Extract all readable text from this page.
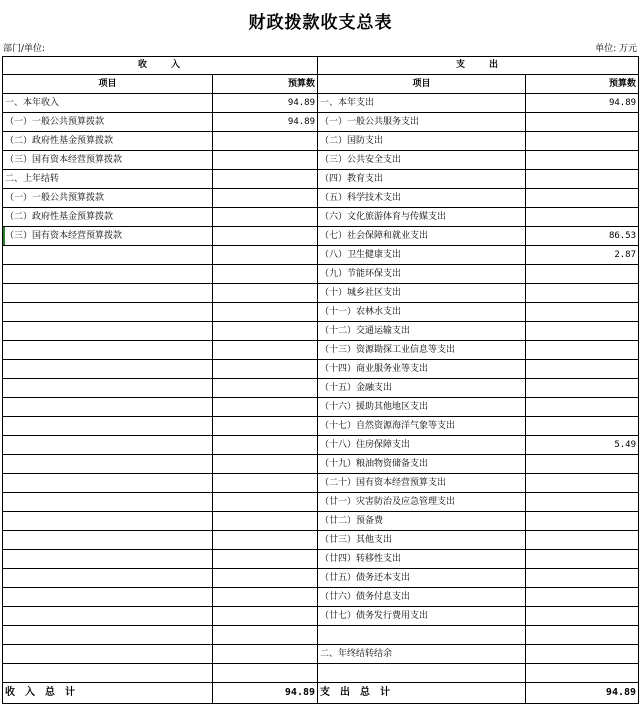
财政拨款收支总表
部门/单位:	单位: 万元
收　　入		支　　出	
项目	预算数	项目	预算数
一、本年收入	94.89	一、本年支出	94.89
（一）一般公共预算拨款	94.89	（一）一般公共服务支出	
（二）政府性基金预算拨款		（二）国防支出	
（三）国有资本经营预算拨款		（三）公共安全支出	
二、上年结转		（四）教育支出	
（一）一般公共预算拨款		（五）科学技术支出	
（二）政府性基金预算拨款		（六）文化旅游体育与传媒支出	
（三）国有资本经营预算拨款		（七）社会保障和就业支出	86.53
		（八）卫生健康支出	2.87
		（九）节能环保支出	
		（十）城乡社区支出	
		（十一）农林水支出	
		（十二）交通运输支出	
		（十三）资源勘探工业信息等支出	
		（十四）商业服务业等支出	
		（十五）金融支出	
		（十六）援助其他地区支出	
		（十七）自然资源海洋气象等支出	
		（十八）住房保障支出	5.49
		（十九）粮油物资储备支出	
		（二十）国有资本经营预算支出	
		（廿一）灾害防治及应急管理支出	
		（廿二）预备费	
		（廿三）其他支出	
		（廿四）转移性支出	
		（廿五）债务还本支出	
		（廿六）债务付息支出	
		（廿七）债务发行费用支出	

		二、年终结转结余	

收　入　总　计	94.89	支　出　总　计	94.89
